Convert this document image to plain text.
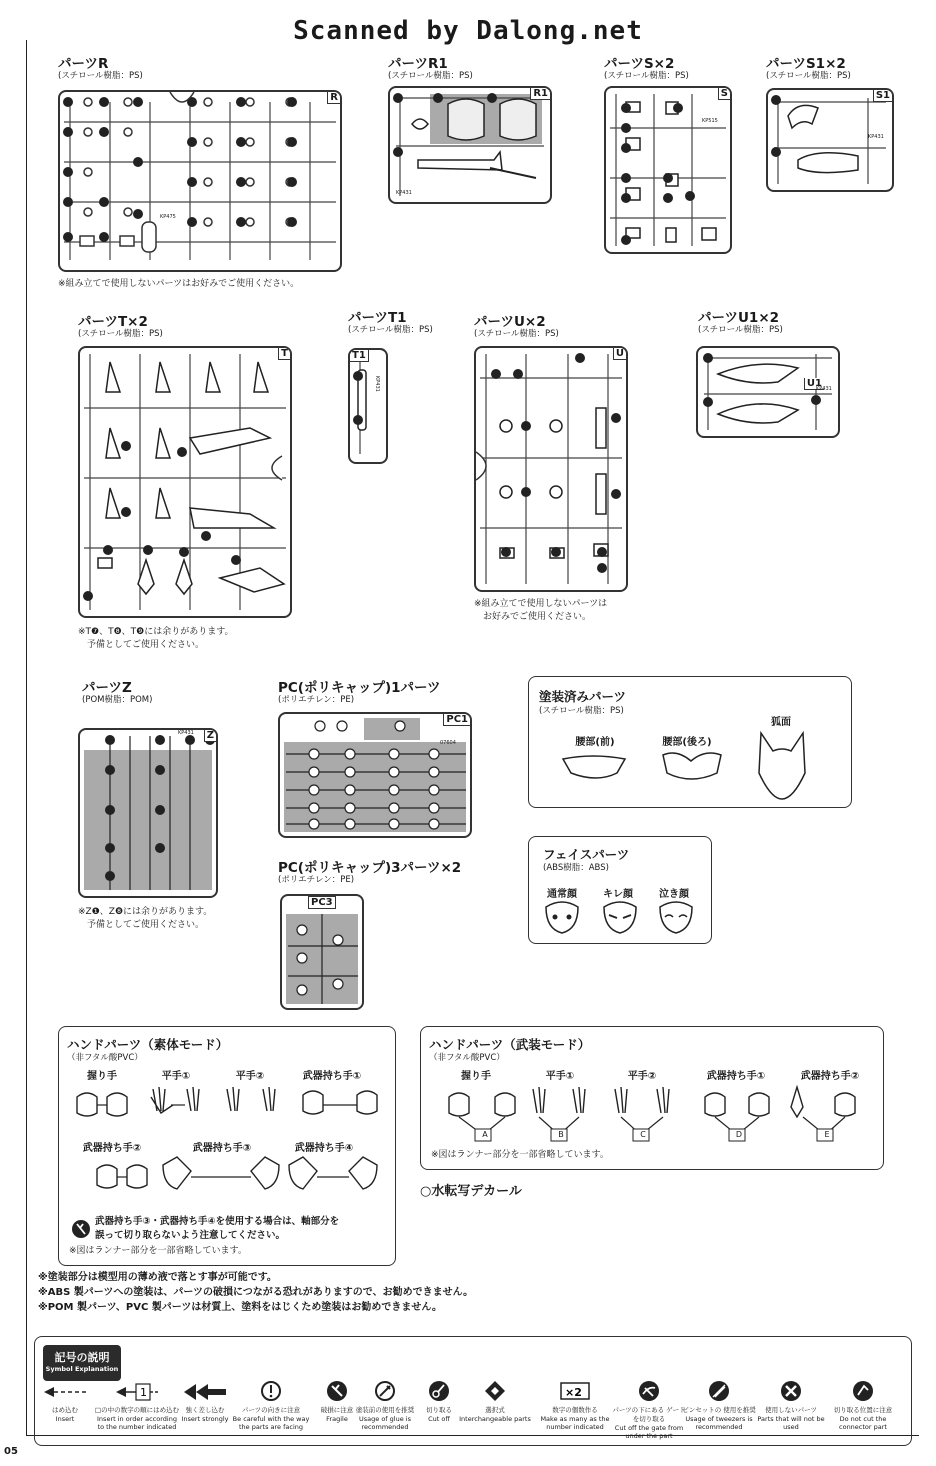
Scanned by Dalong.net
パーツR
(スチロール樹脂：PS)
R
KP475
※組み立てで使用しないパーツはお好みでご使用ください。
パーツR1
(スチロール樹脂：PS)
R1
KP431
パーツS×2
(スチロール樹脂：PS)
S
KP515
パーツS1×2
(スチロール樹脂：PS)
S1
KP431
パーツT×2
(スチロール樹脂：PS)
T
※T❼、T❽、T❾には余りがあります。
　予備としてご使用ください。
パーツT1
(スチロール樹脂：PS)
T1
KP431
パーツU×2
(スチロール樹脂：PS)
U
※組み立てで使用しないパーツは
　お好みでご使用ください。
パーツU1×2
(スチロール樹脂：PS)
U1
KP431
パーツZ
(POM樹脂：POM)
Z
KP431
※Z❶、Z❽には余りがあります。
　予備としてご使用ください。
PC(ポリキャップ)1パーツ
(ポリエチレン：PE)
PC1
07604
PC(ポリキャップ)3パーツ×2
(ポリエチレン：PE)
PC3
塗装済みパーツ
(スチロール樹脂：PS)
腰部(前)	腰部(後ろ)
狐面
フェイスパーツ
(ABS樹脂：ABS)
通常顔	キレ顔	泣き顔
ハンドパーツ（素体モード）
（非フタル酸PVC）
握り手	平手①	平手②	武器持ち手①
武器持ち手②	武器持ち手③	武器持ち手④
武器持ち手③・武器持ち手④を使用する場合は、軸部分を
誤って切り取らないよう注意してください。
※図はランナー部分を一部省略しています。
ハンドパーツ（武装モード）
（非フタル酸PVC）
握り手	平手①	平手②	武器持ち手①	武器持ち手②
A	B	C	D	E
※図はランナー部分を一部省略しています。
○水転写デカール
※塗装部分は模型用の薄め液で落とす事が可能です。
※ABS 製パーツへの塗装は、パーツの破損につながる恐れがありますので、お勧めできません。
※POM 製パーツ、PVC 製パーツは材質上、塗料をはじくため塗装はお勧めできません。
記号の説明
Symbol Explanation
はめ込む
Insert
1
□の中の数字の順にはめ込む
Insert in order according to the number indicated
強く差し込む
Insert strongly
パーツの向きに注意
Be careful with the way the parts are facing
破損に注意
Fragile
塗装前の使用を推奨
Usage of glue is recommended
切り取る
Cut off
選択式
Interchangeable parts
×2
数字の個数作る
Make as many as the number indicated
パーツの下にある ゲートを切り取る
Cut off the gate from under the part
ピンセットの 使用を推奨
Usage of tweezers is recommended
使用しないパーツ
Parts that will not be used
切り取る位置に注意
Do not cut the connector part
05
